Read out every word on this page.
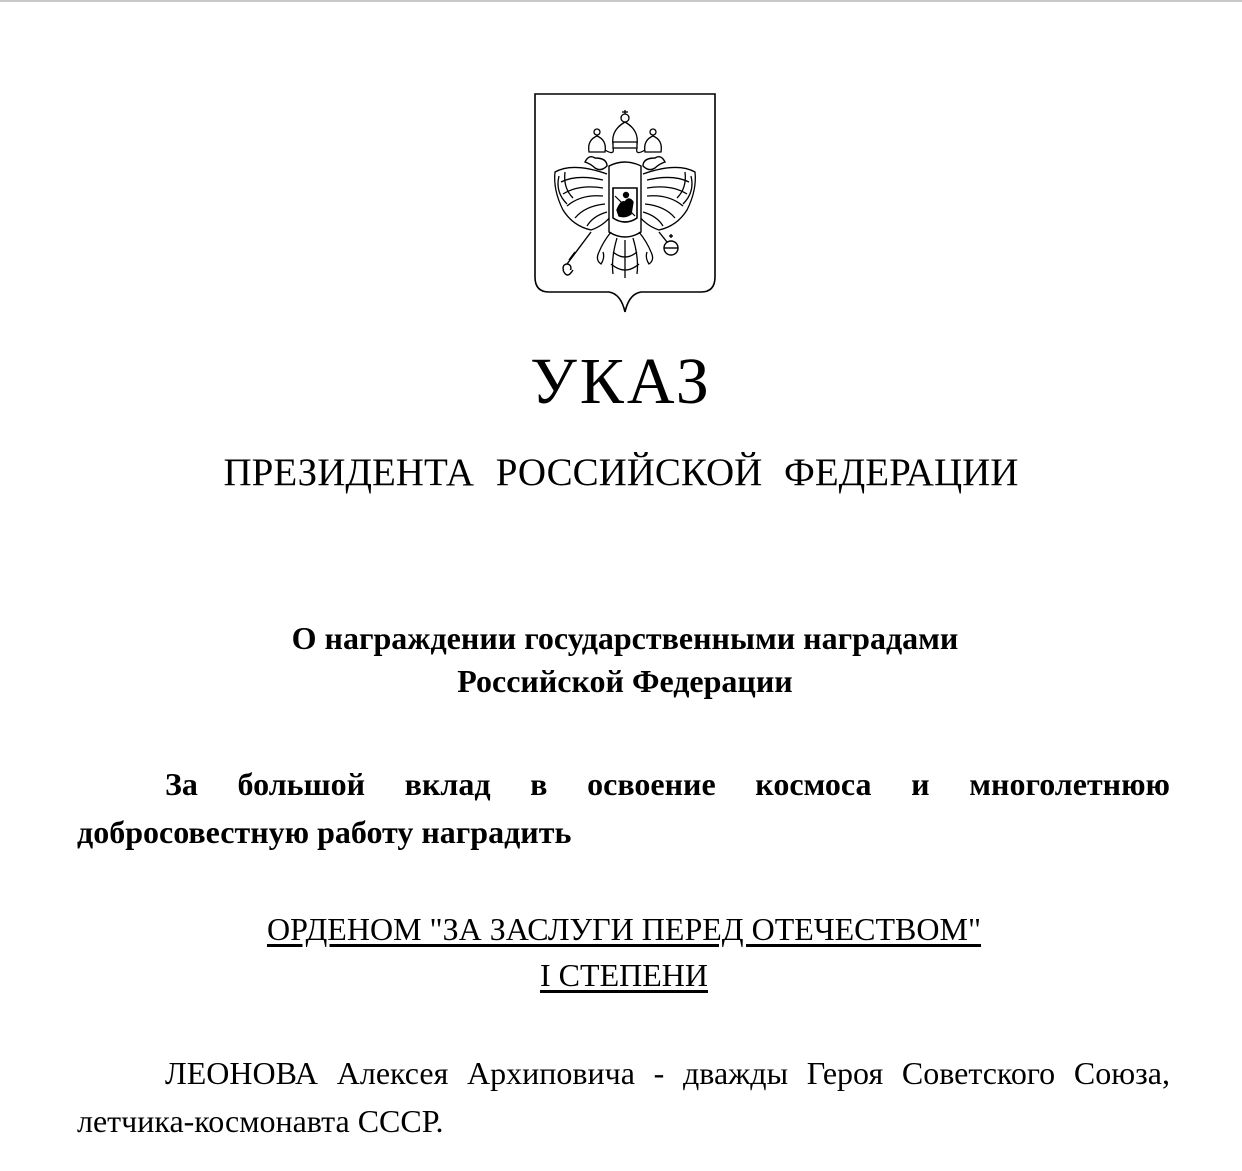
УКАЗ
ПРЕЗИДЕНТА РОССИЙСКОЙ ФЕДЕРАЦИИ
О награждении государственными наградами
Российской Федерации
За большой вклад в освоение космоса и многолетнюю добросовестную работу наградить
ОРДЕНОМ "ЗА ЗАСЛУГИ ПЕРЕД ОТЕЧЕСТВОМ"
I СТЕПЕНИ
ЛЕОНОВА Алексея Архиповича - дважды Героя Советского Союза, летчика-космонавта СССР.
